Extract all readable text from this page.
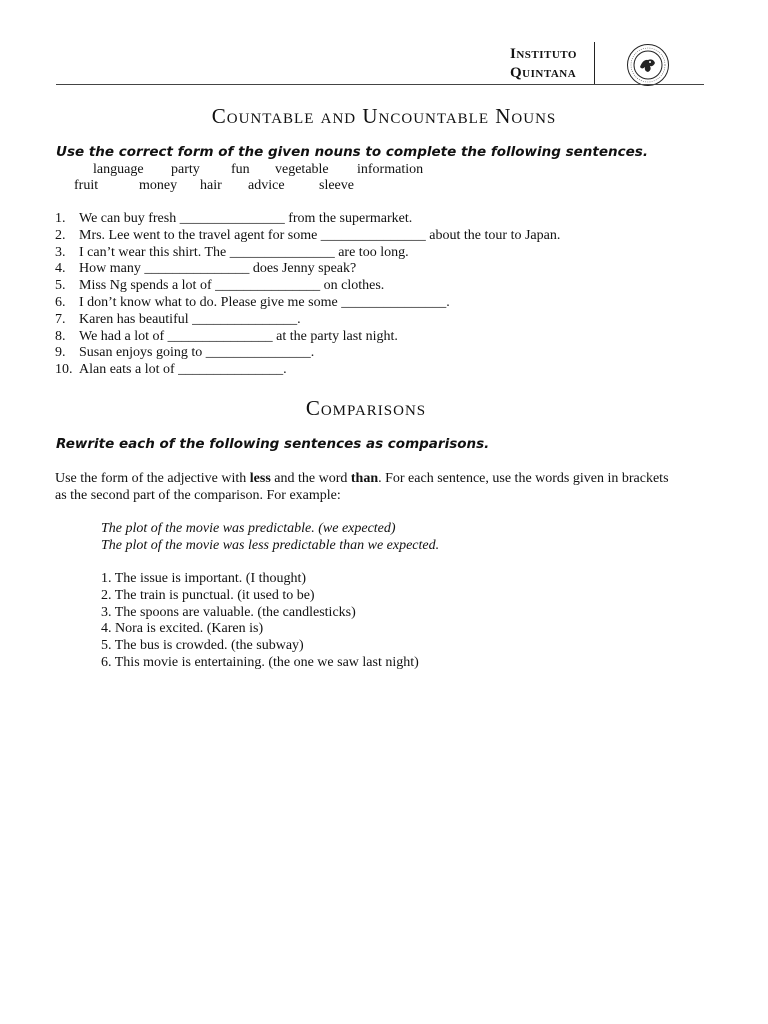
Instituto
Quintana
Countable and Uncountable Nouns
Use the correct form of the given nouns to complete the following sentences.
language party fun vegetable information
fruit	money hair advice sleeve
1. We can buy fresh _______________ from the supermarket.
2. Mrs. Lee went to the travel agent for some _______________ about the tour to Japan.
3. I can’t wear this shirt. The _______________ are too long.
4. How many _______________ does Jenny speak?
5. Miss Ng spends a lot of _______________ on clothes.
6. I don’t know what to do. Please give me some _______________.
7. Karen has beautiful _______________.
8. We had a lot of _______________ at the party last night.
9. Susan enjoys going to _______________.
10. Alan eats a lot of _______________.
Comparisons
Rewrite each of the following sentences as comparisons.
Use the form of the adjective with less and the word than. For each sentence, use the words given in brackets as the second part of the comparison. For example:
The plot of the movie was predictable. (we expected)
The plot of the movie was less predictable than we expected.
1. The issue is important. (I thought)
2. The train is punctual. (it used to be)
3. The spoons are valuable. (the candlesticks)
4. Nora is excited. (Karen is)
5. The bus is crowded. (the subway)
6. This movie is entertaining. (the one we saw last night)
